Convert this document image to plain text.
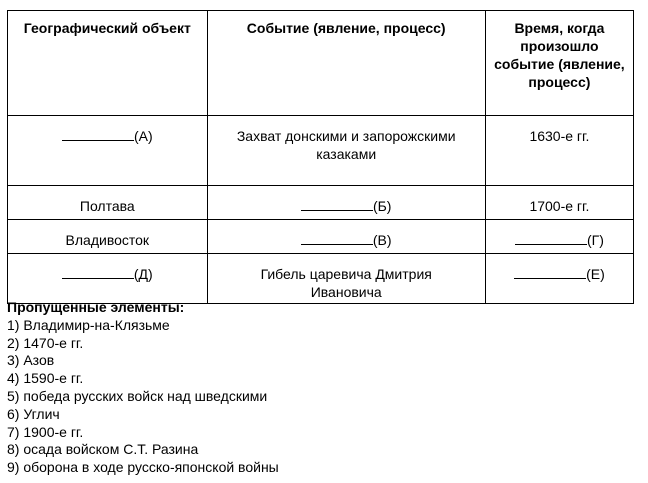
Географический объект	Событие (явление, процесс)	Время, когда произошло событие (явление, процесс)
(А)	Захват донскими и запорожскими казаками	1630-е гг.
Полтава	(Б)	1700-е гг.
Владивосток	(В)	(Г)
(Д)	Гибель царевича Дмитрия Ивановича	(Е)
Пропущенные элементы:
1) Владимир-на-Клязьме
2) 1470-е гг.
3) Азов
4) 1590-е гг.
5) победа русских войск над шведскими
6) Углич
7) 1900-е гг.
8) осада войском С.Т. Разина
9) оборона в ходе русско-японской войны
